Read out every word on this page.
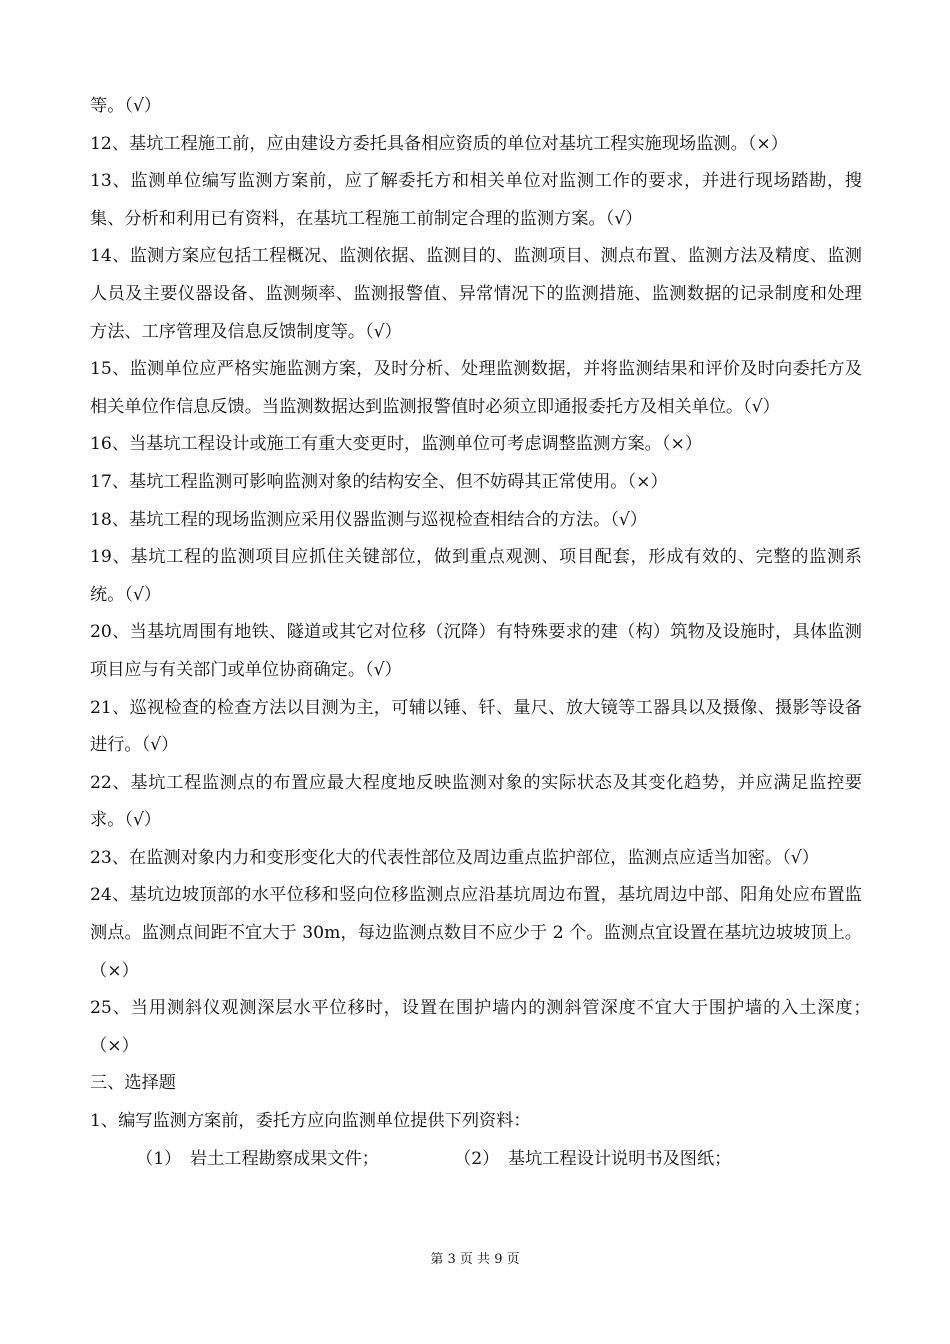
等。（√）

12、基坑工程施工前，应由建设方委托具备相应资质的单位对基坑工程实施现场监测。（×）

13、监测单位编写监测方案前，应了解委托方和相关单位对监测工作的要求，并进行现场踏勘，搜集、分析和利用已有资料，在基坑工程施工前制定合理的监测方案。（√）

14、监测方案应包括工程概况、监测依据、监测目的、监测项目、测点布置、监测方法及精度、监测人员及主要仪器设备、监测频率、监测报警值、异常情况下的监测措施、监测数据的记录制度和处理方法、工序管理及信息反馈制度等。（√）

15、监测单位应严格实施监测方案，及时分析、处理监测数据，并将监测结果和评价及时向委托方及相关单位作信息反馈。当监测数据达到监测报警值时必须立即通报委托方及相关单位。（√）

16、当基坑工程设计或施工有重大变更时，监测单位可考虑调整监测方案。（×）

17、基坑工程监测可影响监测对象的结构安全、但不妨碍其正常使用。（×）

18、基坑工程的现场监测应采用仪器监测与巡视检查相结合的方法。（√）

19、基坑工程的监测项目应抓住关键部位，做到重点观测、项目配套，形成有效的、完整的监测系统。（√）

20、当基坑周围有地铁、隧道或其它对位移（沉降）有特殊要求的建（构）筑物及设施时，具体监测项目应与有关部门或单位协商确定。（√）

21、巡视检查的检查方法以目测为主，可辅以锤、钎、量尺、放大镜等工器具以及摄像、摄影等设备进行。（√）

22、基坑工程监测点的布置应最大程度地反映监测对象的实际状态及其变化趋势，并应满足监控要求。（√）

23、在监测对象内力和变形变化大的代表性部位及周边重点监护部位，监测点应适当加密。（√）

24、基坑边坡顶部的水平位移和竖向位移监测点应沿基坑周边布置，基坑周边中部、阳角处应布置监测点。监测点间距不宜大于 30m，每边监测点数目不应少于 2 个。监测点宜设置在基坑边坡坡顶上。（×）

25、当用测斜仪观测深层水平位移时，设置在围护墙内的测斜管深度不宜大于围护墙的入土深度；　（×）

三、选择题

1、编写监测方案前，委托方应向监测单位提供下列资料：

（1）　岩土工程勘察成果文件；	（2）　基坑工程设计说明书及图纸；
第 3 页 共 9 页
